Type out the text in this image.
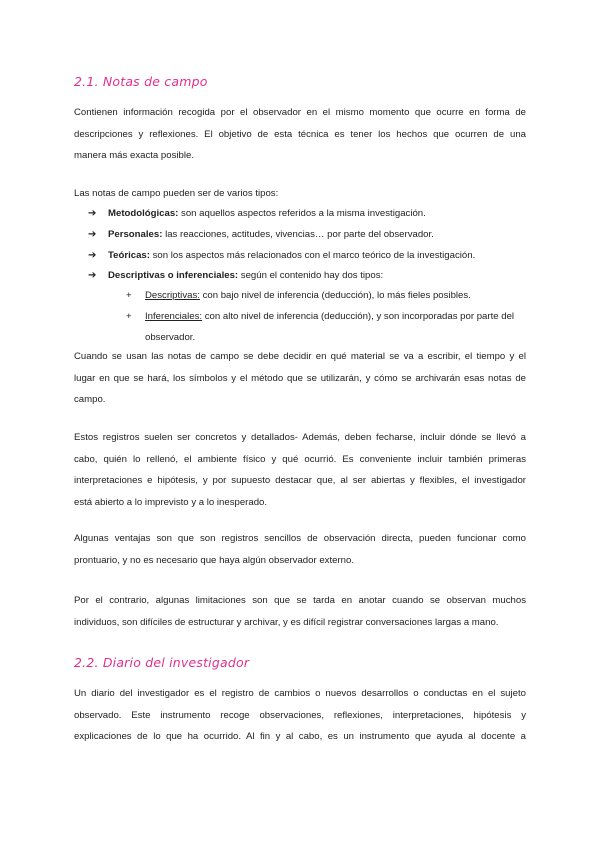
2.1. Notas de campo
Contienen información recogida por el observador en el mismo momento que ocurre en forma de
descripciones y reflexiones. El objetivo de esta técnica es tener los hechos que ocurren de una
manera más exacta posible.
Las notas de campo pueden ser de varios tipos:
➔ Metodológicas: son aquellos aspectos referidos a la misma investigación.
➔ Personales: las reacciones, actitudes, vivencias… por parte del observador.
➔ Teóricas: son los aspectos más relacionados con el marco teórico de la investigación.
➔ Descriptivas o inferenciales: según el contenido hay dos tipos:
+	Descriptivas: con bajo nivel de inferencia (deducción), lo más fieles posibles.
+	Inferenciales: con alto nivel de inferencia (deducción), y son incorporadas por parte del observador.
Cuando se usan las notas de campo se debe decidir en qué material se va a escribir, el tiempo y el
lugar en que se hará, los símbolos y el método que se utilizarán, y cómo se archivarán esas notas de
campo.
Estos registros suelen ser concretos y detallados- Además, deben fecharse, incluir dónde se llevó a
cabo, quién lo rellenó, el ambiente físico y qué ocurrió. Es conveniente incluir también primeras
interpretaciones e hipótesis, y por supuesto destacar que, al ser abiertas y flexibles, el investigador
está abierto a lo imprevisto y a lo inesperado.
Algunas ventajas son que son registros sencillos de observación directa, pueden funcionar como
prontuario, y no es necesario que haya algún observador externo.
Por el contrario, algunas limitaciones son que se tarda en anotar cuando se observan muchos
individuos, son difíciles de estructurar y archivar, y es difícil registrar conversaciones largas a mano.
2.2. Diario del investigador
Un diario del investigador es el registro de cambios o nuevos desarrollos o conductas en el sujeto
observado. Este instrumento recoge observaciones, reflexiones, interpretaciones, hipótesis y
explicaciones de lo que ha ocurrido. Al fin y al cabo, es un instrumento que ayuda al docente a
